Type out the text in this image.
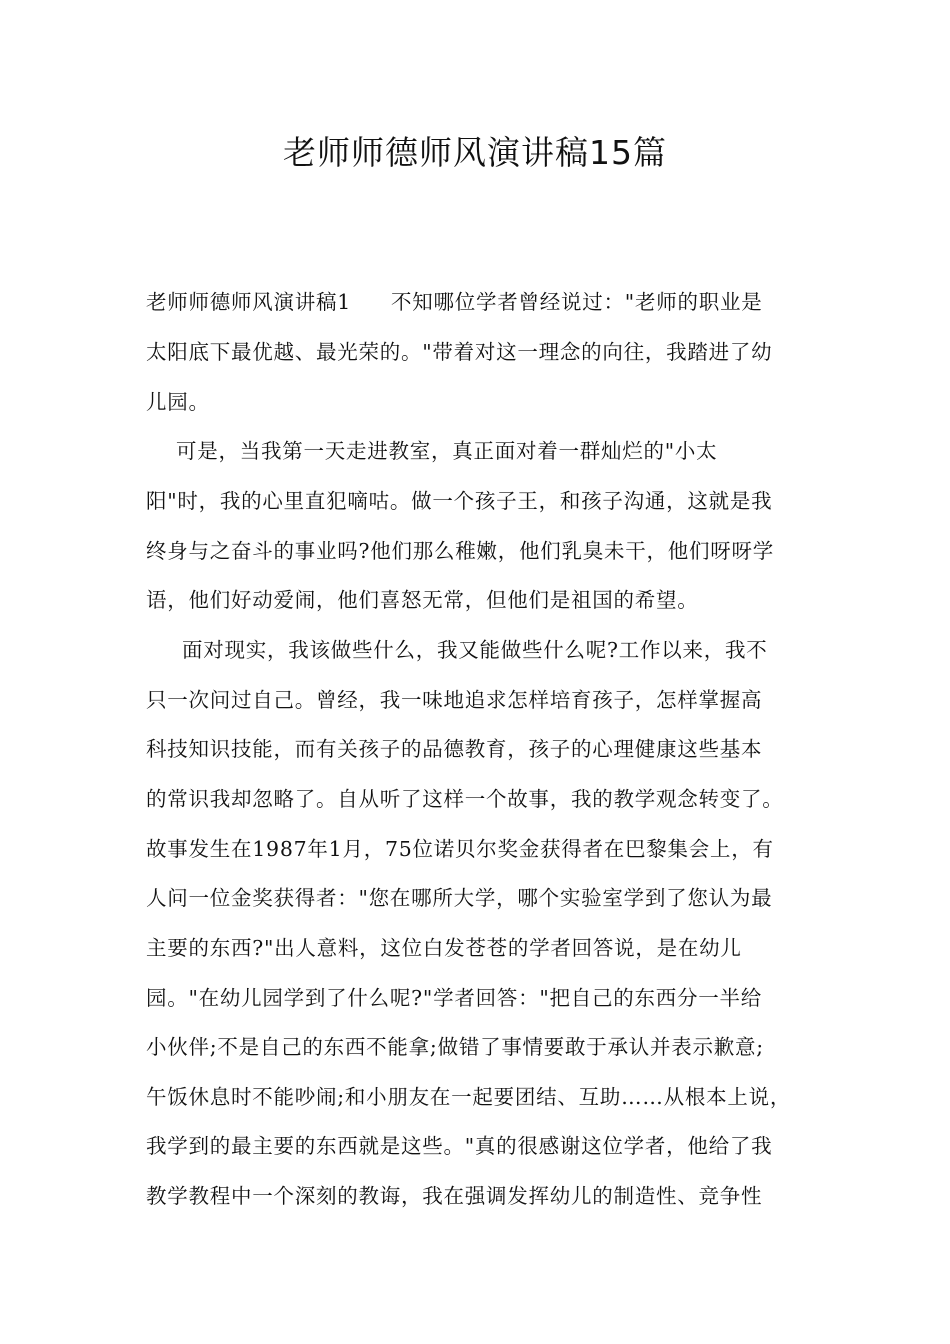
老师师德师风演讲稿15篇
老师师德师风演讲稿1 不知哪位学者曾经说过："老师的职业是
太阳底下最优越、最光荣的。"带着对这一理念的向往，我踏进了幼
儿园。
可是，当我第一天走进教室，真正面对着一群灿烂的"小太
阳"时，我的心里直犯嘀咕。做一个孩子王，和孩子沟通，这就是我
终身与之奋斗的事业吗?他们那么稚嫩，他们乳臭未干，他们呀呀学
语，他们好动爱闹，他们喜怒无常，但他们是祖国的希望。
面对现实，我该做些什么，我又能做些什么呢?工作以来，我不
只一次问过自己。曾经，我一味地追求怎样培育孩子，怎样掌握高
科技知识技能，而有关孩子的品德教育，孩子的心理健康这些基本
的常识我却忽略了。自从听了这样一个故事，我的教学观念转变了。
故事发生在1987年1月，75位诺贝尔奖金获得者在巴黎集会上，有
人问一位金奖获得者："您在哪所大学，哪个实验室学到了您认为最
主要的东西?"出人意料，这位白发苍苍的学者回答说，是在幼儿
园。"在幼儿园学到了什么呢?"学者回答："把自己的东西分一半给
小伙伴;不是自己的东西不能拿;做错了事情要敢于承认并表示歉意;
午饭休息时不能吵闹;和小朋友在一起要团结、互助……从根本上说，
我学到的最主要的东西就是这些。"真的很感谢这位学者，他给了我
教学教程中一个深刻的教诲，我在强调发挥幼儿的制造性、竞争性
